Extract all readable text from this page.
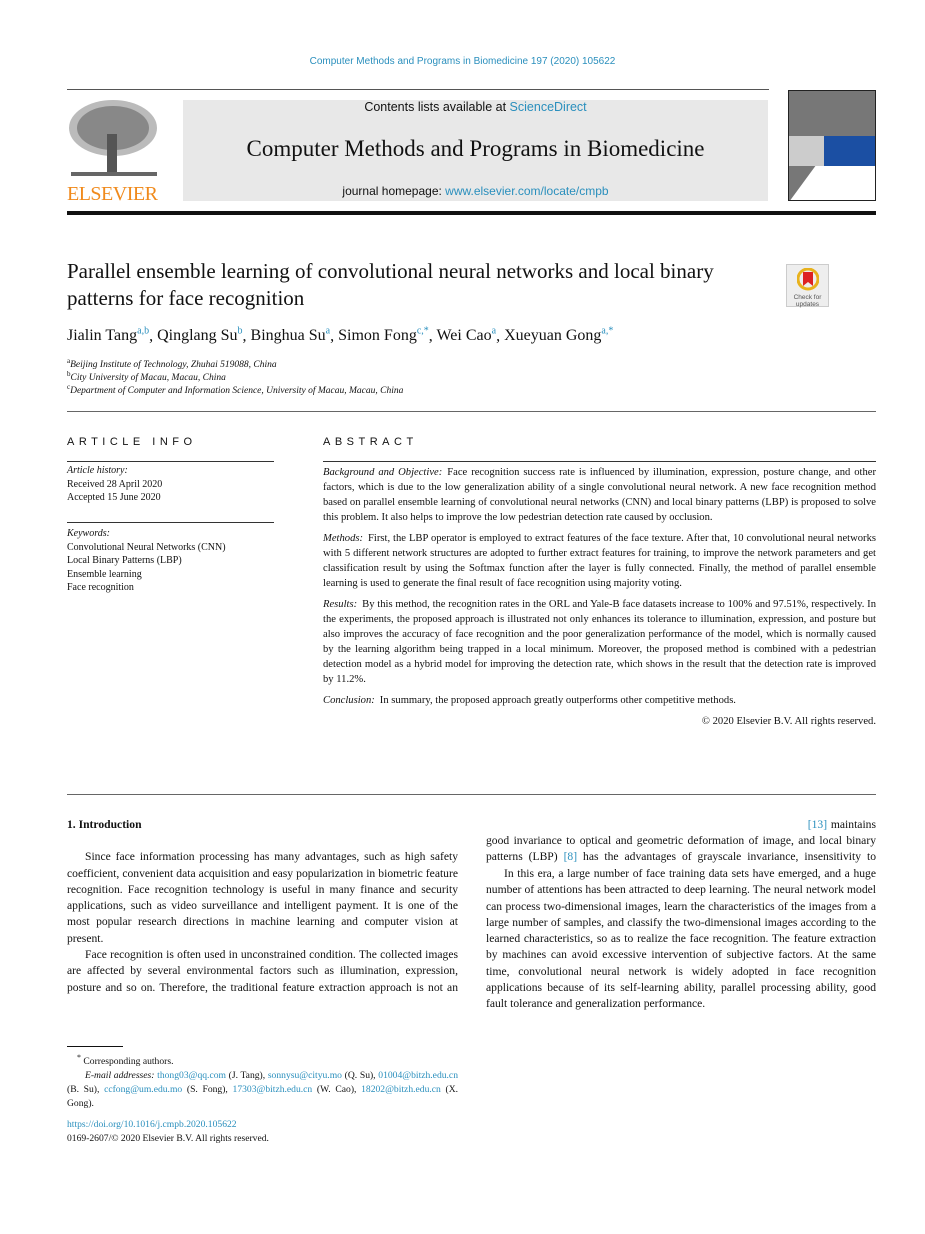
Computer Methods and Programs in Biomedicine 197 (2020) 105622
ELSEVIER
Contents lists available at ScienceDirect
Computer Methods and Programs in Biomedicine
journal homepage: www.elsevier.com/locate/cmpb
Parallel ensemble learning of convolutional neural networks and local binary patterns for face recognition	Check for updates
Jialin Tang$^{a,b}$, Qinglang Su$^b$, Binghua Su$^a$, Simon Fong$^{c,*}$, Wei Cao$^a$, Xueyuan Gong$^{a,*}$
$^a$Beijing Institute of Technology, Zhuhai 519088, China
$^b$City University of Macau, Macau, China
$^c$Department of Computer and Information Science, University of Macau, Macau, China
ARTICLE INFO
Article history:
Received 28 April 2020
Accepted 15 June 2020
Keywords:
Convolutional Neural Networks (CNN)
Local Binary Patterns (LBP)
Ensemble learning
Face recognition
ABSTRACT

Background and Objective: Face recognition success rate is influenced by illumination, expression, posture change, and other factors, which is due to the low generalization ability of a single convolutional neural network. A new face recognition method based on parallel ensemble learning of convolutional neural networks (CNN) and local binary patterns (LBP) is proposed to solve this problem. It also helps to improve the low pedestrian detection rate caused by occlusion.

Methods: First, the LBP operator is employed to extract features of the face texture. After that, 10 convolutional neural networks with 5 different network structures are adopted to further extract features for training, to improve the network parameters and get classification result by using the Softmax function after the layer is fully connected. Finally, the method of parallel ensemble learning is used to generate the final result of face recognition using majority voting.

Results: By this method, the recognition rates in the ORL and Yale-B face datasets increase to 100% and 97.51%, respectively. In the experiments, the proposed approach is illustrated not only enhances its tolerance to illumination, expression, and posture but also improves the accuracy of face recognition and the poor generalization performance of the model, which is normally caused by the learning algorithm being trapped in a local minimum. Moreover, the proposed method is combined with a pedestrian detection model as a hybrid model for improving the detection rate, which shows in the result that the detection rate is improved by 11.2%.

Conclusion: In summary, the proposed approach greatly outperforms other competitive methods.

© 2020 Elsevier B.V. All rights reserved.
1. Introduction

Since face information processing has many advantages, such as high safety coefficient, convenient data acquisition and easy popularization in biometric feature recognition. Face recognition technology is useful in many finance and security applications, such as video surveillance and intelligent payment. It is one of the most popular research directions in machine learning and computer vision at present.

Face recognition is often used in unconstrained condition. The collected images are affected by several environmental factors such as illumination, expression, posture and so on. Therefore, the traditional feature extraction approach is not an

[13] maintains good invariance to optical and geometric deformation of image, and local binary patterns (LBP) [8] has the advantages of grayscale invariance, insensitivity to

In this era, a large number of face training data sets have emerged, and a huge number of attentions has been attracted to deep learning. The neural network model can process two-dimensional images, learn the characteristics of the images from a large number of samples, and classify the two-dimensional images according to the learned characteristics, so as to realize the face recognition. The feature extraction by machines can avoid excessive intervention of subjective factors. At the same time, convolutional neural network is widely adopted in face recognition applications because of its self-learning ability, parallel processing ability, good fault tolerance and generalization performance.

* Corresponding authors.
E-mail addresses: thong03@qq.com (J. Tang), sonnysu@cityu.mo (Q. Su), 01004@bitzh.edu.cn (B. Su), ccfong@um.edu.mo (S. Fong), 17303@bitzh.edu.cn (W. Cao), 18202@bitzh.edu.cn (X. Gong).
https://doi.org/10.1016/j.cmpb.2020.105622
0169-2607/© 2020 Elsevier B.V. All rights reserved.
